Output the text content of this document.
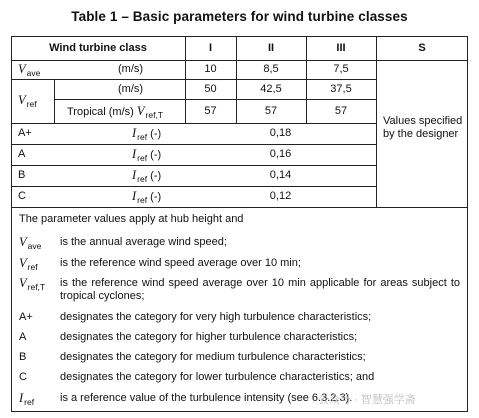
Table 1 – Basic parameters for wind turbine classes
Wind turbine class	I	II	III	S
$V_{ave}$	(m/s)	10	8,5	7,5
$V_{ref}$
(m/s)	50	42,5	37,5
Tropical (m/s) $V_{ref,T}$	57	57	57
A+	$I_{ref}$ (-)	0,18
A	$I_{ref}$ (-)	0,16
B	$I_{ref}$ (-)	0,14
C	$I_{ref}$ (-)	0,12
Values specified by the designer
The parameter values apply at hub height and
$V_{ave}$ is the annual average wind speed;
$V_{ref}$ is the reference wind speed average over 10 min;
$V_{ref,T}$ is the reference wind speed average over 10 min applicable for areas subject to tropical cyclones;
A+ designates the category for very high turbulence characteristics;
A	designates the category for higher turbulence characteristics;
B	designates the category for medium turbulence characteristics;
C	designates the category for lower turbulence characteristics; and
$I_{ref}$ is a reference value of the turbulence intensity (see 6.3.2.3).
公众号 · 智慧强学斋
